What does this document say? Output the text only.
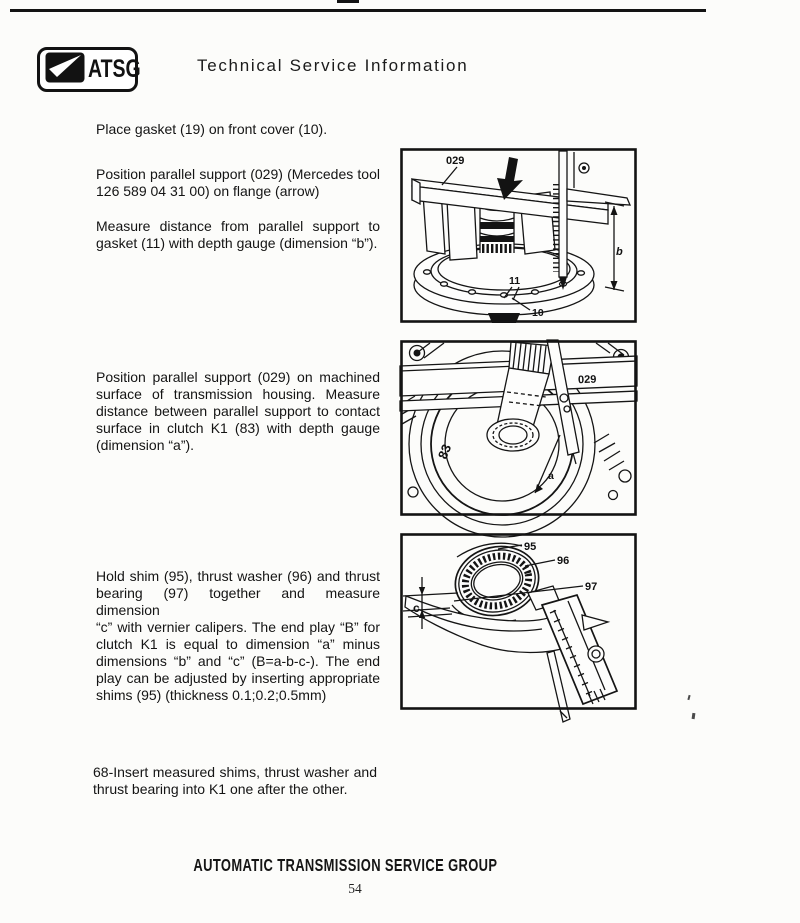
ATSG	Technical Service Information
Place gasket (19) on front cover (10).
Position parallel support (029) (Mercedes tool
126 589 04 31 00) on flange (arrow)
Measure distance from parallel support to
gasket (11) with depth gauge (dimension “b”).
Position parallel support (029) on machined
surface of transmission housing. Measure
distance between parallel support to contact
surface in clutch K1 (83) with depth gauge
(dimension “a”).
Hold shim (95), thrust washer (96) and thrust
bearing (97) together and measure dimension
“c” with vernier calipers. The end play “B” for
clutch K1 is equal to dimension “a” minus
dimensions “b” and “c” (B=a-b-c-). The end
play can be adjusted by inserting appropriate
shims (95) (thickness 0.1;0.2;0.5mm)
68-Insert measured shims, thrust washer and
thrust bearing into K1 one after the other.
b
029
11
10
029
83
a
c
95
96
97
AUTOMATIC TRANSMISSION SERVICE GROUP
54
